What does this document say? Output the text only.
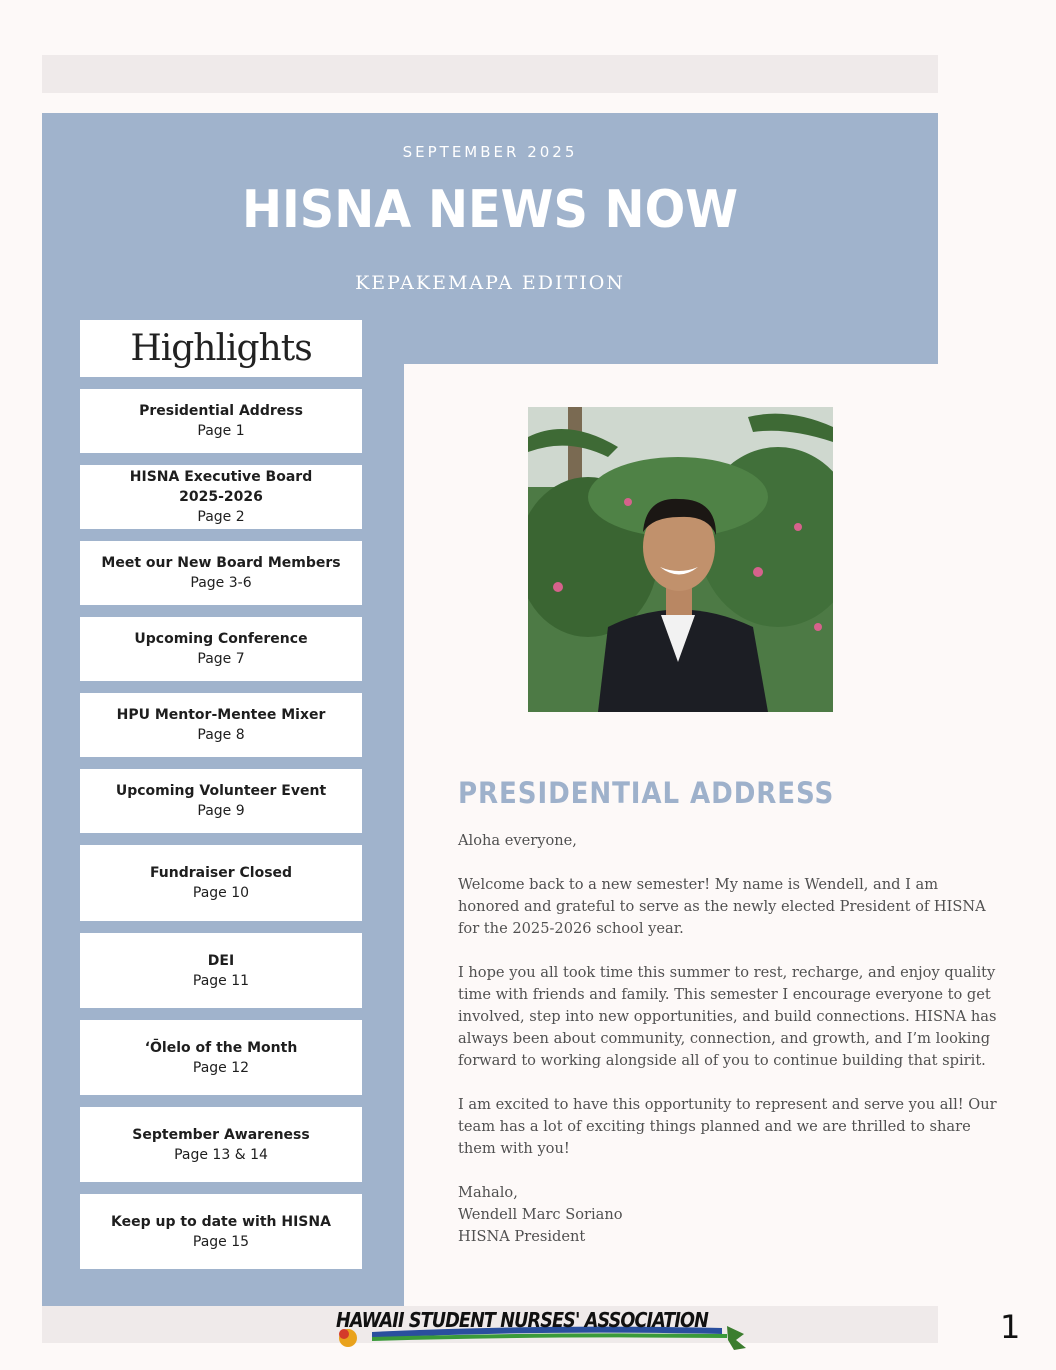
SEPTEMBER 2025
HISNA NEWS NOW
KEPAKEMAPA EDITION
Highlights
Presidential Address
Page 1
HISNA Executive Board
2025-2026
Page 2
Meet our New Board Members
Page 3-6
Upcoming Conference
Page 7
HPU Mentor-Mentee Mixer
Page 8
Upcoming Volunteer Event
Page 9
Fundraiser Closed
Page 10
DEI
Page 11
ʻŌlelo of the Month
Page 12
September Awareness
Page 13 & 14
Keep up to date with HISNA
Page 15
PRESIDENTIAL ADDRESS

Aloha everyone,

Welcome back to a new semester! My name is Wendell, and I am honored and grateful to serve as the newly elected President of HISNA for the 2025-2026 school year.

I hope you all took time this summer to rest, recharge, and enjoy quality time with friends and family. This semester I encourage everyone to get involved, step into new opportunities, and build connections. HISNA has always been about community, connection, and growth, and I’m looking forward to working alongside all of you to continue building that spirit.

I am excited to have this opportunity to represent and serve you all! Our team has a lot of exciting things planned and we are thrilled to share them with you!

Mahalo,
Wendell Marc Soriano
HISNA President
HAWAII STUDENT NURSES' ASSOCIATION	1
